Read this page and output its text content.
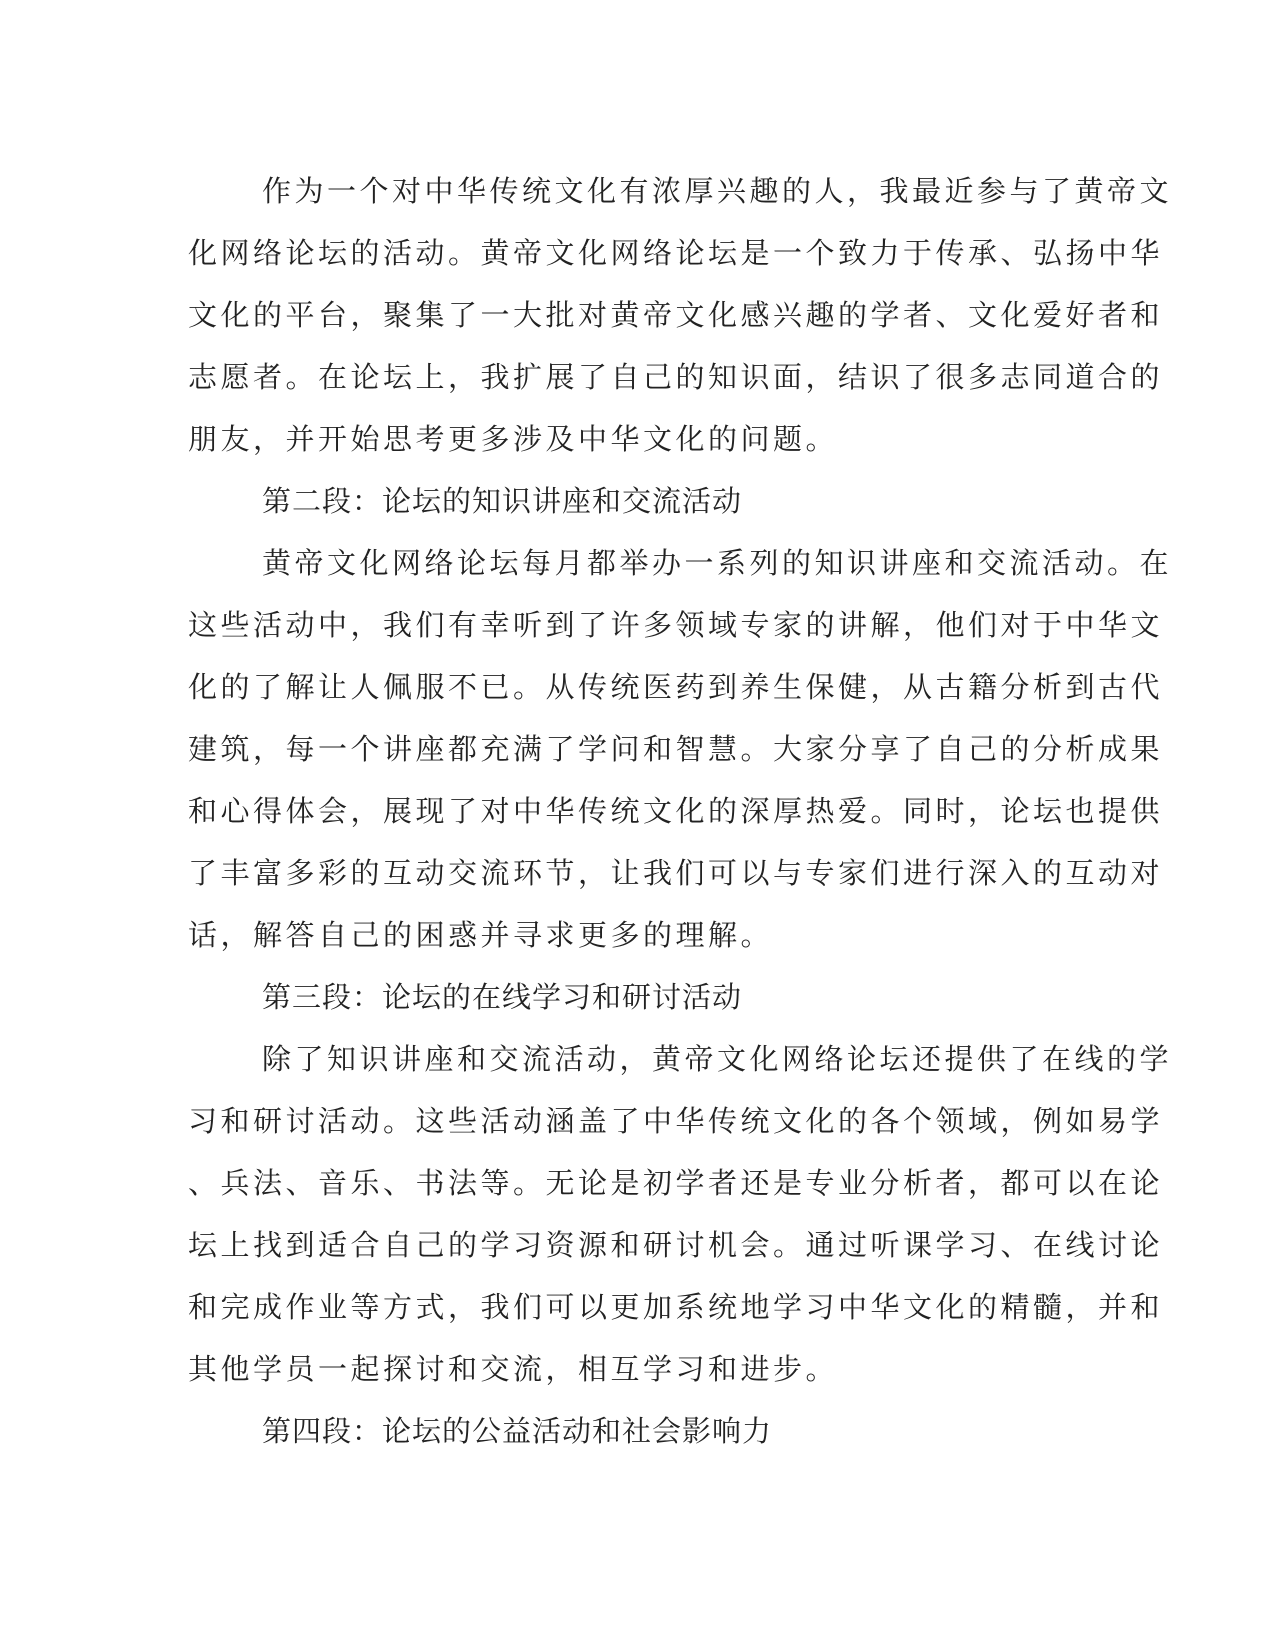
作为一个对中华传统文化有浓厚兴趣的人，我最近参与了黄帝文
化网络论坛的活动。黄帝文化网络论坛是一个致力于传承、弘扬中华
文化的平台，聚集了一大批对黄帝文化感兴趣的学者、文化爱好者和
志愿者。在论坛上，我扩展了自己的知识面，结识了很多志同道合的
朋友，并开始思考更多涉及中华文化的问题。
第二段：论坛的知识讲座和交流活动
黄帝文化网络论坛每月都举办一系列的知识讲座和交流活动。在
这些活动中，我们有幸听到了许多领域专家的讲解，他们对于中华文
化的了解让人佩服不已。从传统医药到养生保健，从古籍分析到古代
建筑，每一个讲座都充满了学问和智慧。大家分享了自己的分析成果
和心得体会，展现了对中华传统文化的深厚热爱。同时，论坛也提供
了丰富多彩的互动交流环节，让我们可以与专家们进行深入的互动对
话，解答自己的困惑并寻求更多的理解。
第三段：论坛的在线学习和研讨活动
除了知识讲座和交流活动，黄帝文化网络论坛还提供了在线的学
习和研讨活动。这些活动涵盖了中华传统文化的各个领域，例如易学
、兵法、音乐、书法等。无论是初学者还是专业分析者，都可以在论
坛上找到适合自己的学习资源和研讨机会。通过听课学习、在线讨论
和完成作业等方式，我们可以更加系统地学习中华文化的精髓，并和
其他学员一起探讨和交流，相互学习和进步。
第四段：论坛的公益活动和社会影响力
